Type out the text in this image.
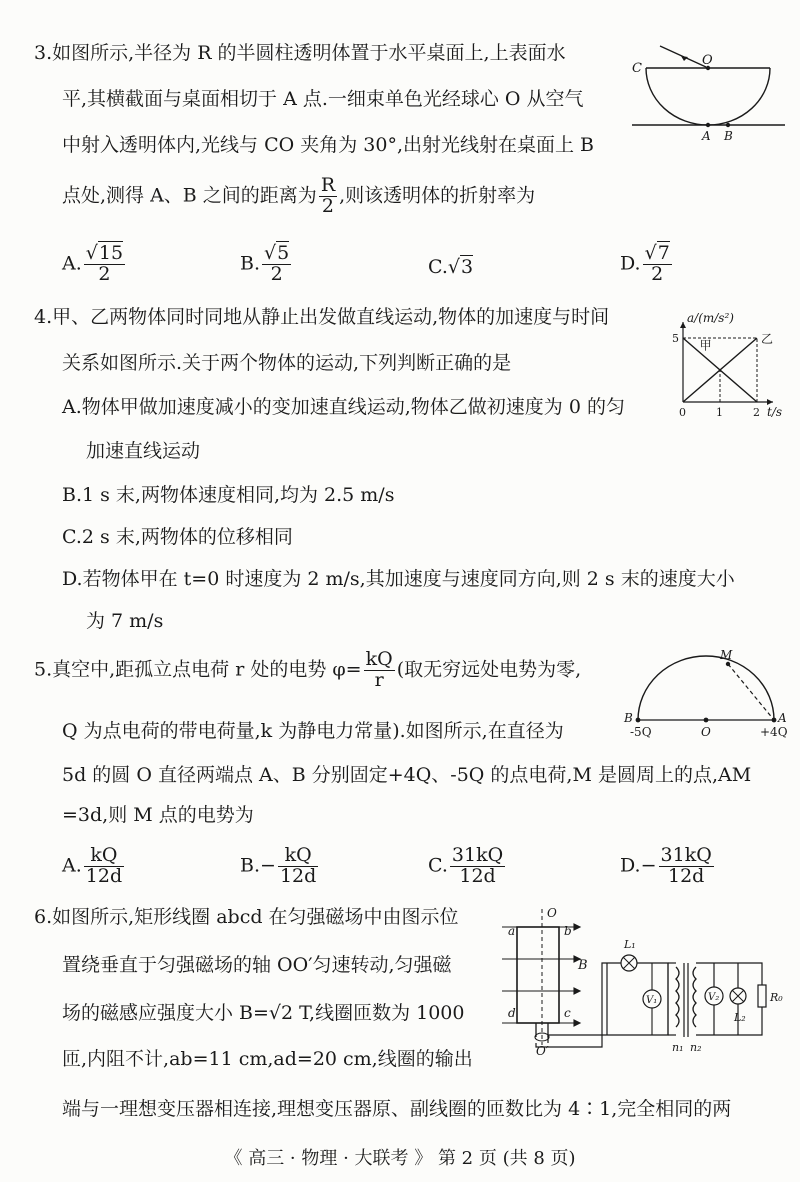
3.如图所示,半径为 R 的半圆柱透明体置于水平桌面上,上表面水
平,其横截面与桌面相切于 A 点.一细束单色光经球心 O 从空气
中射入透明体内,光线与 CO 夹角为 30°,出射光线射在桌面上 B
点处,测得 A、B 之间的距离为 $\frac{R}{2}$ ,则该透明体的折射率为
A. $\frac{√15}{2}$	B. $\frac{√5}{2}$	C.√3	D. $\frac{√7}{2}$
C
O
A B
4.甲、乙两物体同时同地从静止出发做直线运动,物体的加速度与时间
关系如图所示.关于两个物体的运动,下列判断正确的是
A.物体甲做加速度减小的变加速直线运动,物体乙做初速度为 0 的匀
加速直线运动
B.1 s 末,两物体速度相同,均为 2.5 m/s
C.2 s 末,两物体的位移相同
D.若物体甲在 t=0 时速度为 2 m/s,其加速度与速度同方向,则 2 s 末的速度大小
为 7 m/s
a/(m/s²)
t/s
甲	乙
0	1	2
5
5.真空中,距孤立点电荷 r 处的电势 $\varphi= \frac{kQ}{r}$ (取无穷远处电势为零,
Q 为点电荷的带电荷量,k 为静电力常量).如图所示,在直径为
5d 的圆 O 直径两端点 A、B 分别固定+4Q、-5Q 的点电荷,M 是圆周上的点,AM
=3d,则 M 点的电势为
A. $\frac{kQ}{12d}$	$B.- \frac{kQ}{12d}$	C. $\frac{31kQ}{12d}$	$D.- \frac{31kQ}{12d}$
M
B	A
O
-5Q	+4Q
6.如图所示,矩形线圈 abcd 在匀强磁场中由图示位
置绕垂直于匀强磁场的轴 OO′匀速转动,匀强磁
场的磁感应强度大小 B=√2 T,线圈匝数为 1000
匝,内阻不计,ab=11 cm,ad=20 cm,线圈的输出
端与一理想变压器相连接,理想变压器原、副线圈的匝数比为 4∶1,完全相同的两
O
O′
a	b
c
d
B
L₁
V₁
n₁ n₂
V₂
L₂
R₀
《 高三 · 物理 · 大联考 》 第 2 页 (共 8 页)
